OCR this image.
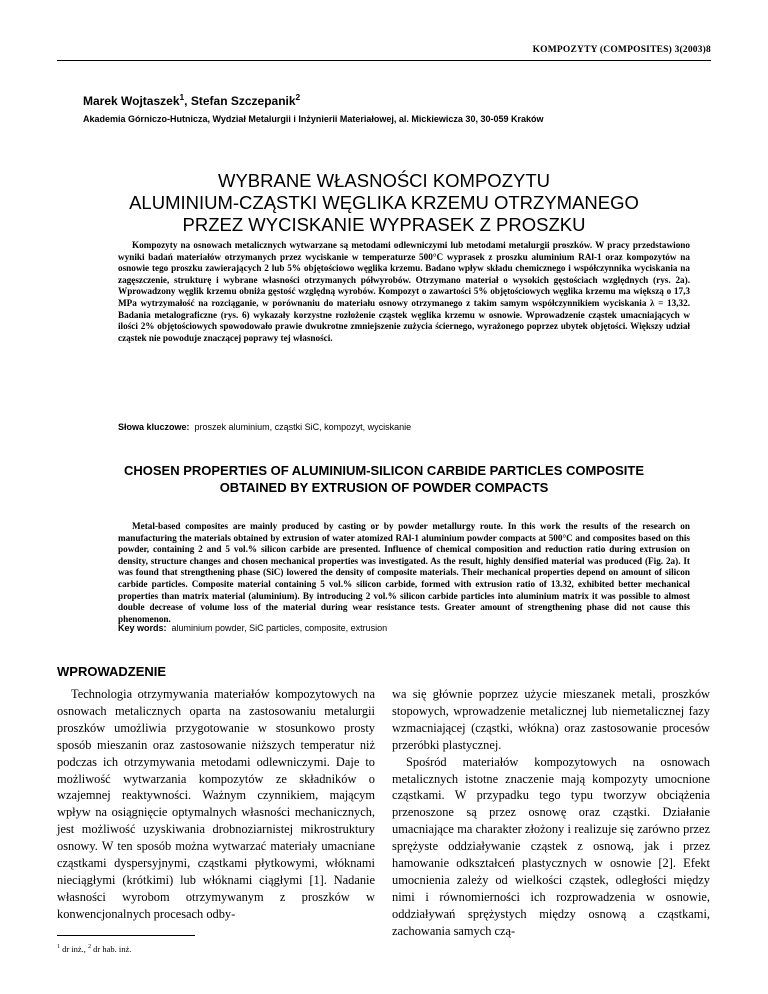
KOMPOZYTY (COMPOSITES) 3(2003)8
Marek Wojtaszek$^1$, Stefan Szczepanik$^2$
Akademia Górniczo-Hutnicza, Wydział Metalurgii i Inżynierii Materiałowej, al. Mickiewicza 30, 30-059 Kraków
WYBRANE WŁASNOŚCI KOMPOZYTU
ALUMINIUM-CZĄSTKI WĘGLIKA KRZEMU OTRZYMANEGO
PRZEZ WYCISKANIE WYPRASEK Z PROSZKU

Kompozyty na osnowach metalicznych wytwarzane są metodami odlewniczymi lub metodami metalurgii proszków. W pracy przedstawiono wyniki badań materiałów otrzymanych przez wyciskanie w temperaturze 500°C wyprasek z proszku aluminium RAl-1 oraz kompozytów na osnowie tego proszku zawierających 2 lub 5% objętościowo węglika krzemu. Badano wpływ składu chemicznego i współczynnika wyciskania na zagęszczenie, strukturę i wybrane własności otrzymanych półwyrobów. Otrzymano materiał o wysokich gęstościach względnych (rys. 2a). Wprowadzony węglik krzemu obniża gęstość względną wyrobów. Kompozyt o zawartości 5% objętościowych węglika krzemu ma większą o 17,3 MPa wytrzymałość na rozciąganie, w porównaniu do materiału osnowy otrzymanego z takim samym współczynnikiem wyciskania λ = 13,32. Badania metalograficzne (rys. 6) wykazały korzystne rozłożenie cząstek węglika krzemu w osnowie. Wprowadzenie cząstek umacniających w ilości 2% objętościowych spowodowało prawie dwukrotne zmniejszenie zużycia ściernego, wyrażonego poprzez ubytek objętości. Większy udział cząstek nie powoduje znaczącej poprawy tej własności.

Słowa kluczowe: proszek aluminium, cząstki SiC, kompozyt, wyciskanie
CHOSEN PROPERTIES OF ALUMINIUM-SILICON CARBIDE PARTICLES COMPOSITE
OBTAINED BY EXTRUSION OF POWDER COMPACTS

Metal-based composites are mainly produced by casting or by powder metallurgy route. In this work the results of the research on manufacturing the materials obtained by extrusion of water atomized RAl-1 aluminium powder compacts at 500°C and composites based on this powder, containing 2 and 5 vol.% silicon carbide are presented. Influence of chemical composition and reduction ratio during extrusion on density, structure changes and chosen mechanical properties was investigated. As the result, highly densified material was produced (Fig. 2a). It was found that strengthening phase (SiC) lowered the density of composite materials. Their mechanical properties depend on amount of silicon carbide particles. Composite material containing 5 vol.% silicon carbide, formed with extrusion ratio of 13.32, exhibited better mechanical properties than matrix material (aluminium). By introducing 2 vol.% silicon carbide particles into aluminium matrix it was possible to almost double decrease of volume loss of the material during wear resistance tests. Greater amount of strengthening phase did not cause this phenomenon.

Key words: aluminium powder, SiC particles, composite, extrusion
WPROWADZENIE

Technologia otrzymywania materiałów kompozytowych na osnowach metalicznych oparta na zastosowaniu metalurgii proszków umożliwia przygotowanie w stosunkowo prosty sposób mieszanin oraz zastosowanie niższych temperatur niż podczas ich otrzymywania metodami odlewniczymi. Daje to możliwość wytwarzania kompozytów ze składników o wzajemnej reaktywności. Ważnym czynnikiem, mającym wpływ na osiągnięcie optymalnych własności mechanicznych, jest możliwość uzyskiwania drobnoziarnistej mikrostruktury osnowy. W ten sposób można wytwarzać materiały umacniane cząstkami dyspersyjnymi, cząstkami płytkowymi, włóknami nieciągłymi (krótkimi) lub włóknami ciągłymi [1]. Nadanie własności wyrobom otrzymywanym z proszków w konwencjonalnych procesach odby-

wa się głównie poprzez użycie mieszanek metali, proszków stopowych, wprowadzenie metalicznej lub niemetalicznej fazy wzmacniającej (cząstki, włókna) oraz zastosowanie procesów przeróbki plastycznej.

Spośród materiałów kompozytowych na osnowach metalicznych istotne znaczenie mają kompozyty umocnione cząstkami. W przypadku tego typu tworzyw obciążenia przenoszone są przez osnowę oraz cząstki. Działanie umacniające ma charakter złożony i realizuje się zarówno przez sprężyste oddziaływanie cząstek z osnową, jak i przez hamowanie odkształceń plastycznych w osnowie [2]. Efekt umocnienia zależy od wielkości cząstek, odległości między nimi i równomierności ich rozprowadzenia w osnowie, oddziaływań sprężystych między osnową a cząstkami, zachowania samych czą-

$^1$ dr inż., $^2$ dr hab. inż.
